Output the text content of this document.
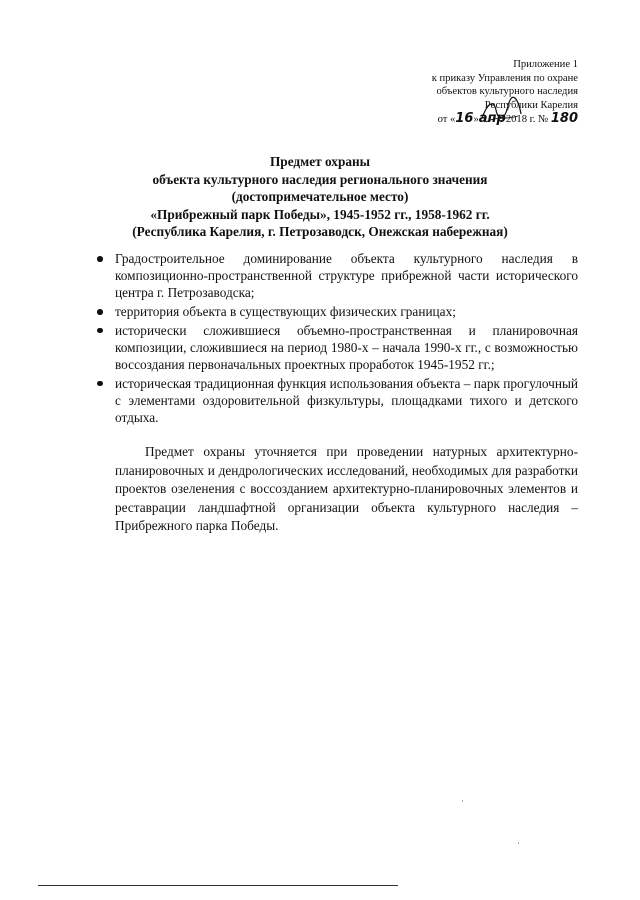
Приложение 1
к приказу Управления по охране
объектов культурного наследия
Республики Карелия
от «16»апр2018 г. № 180
Предмет охраны
объекта культурного наследия регионального значения
(достопримечательное место)
«Прибрежный парк Победы», 1945-1952 гг., 1958-1962 гг.
(Республика Карелия, г. Петрозаводск, Онежская набережная)
Градостроительное доминирование объекта культурного наследия в композиционно-пространственной структуре прибрежной части исторического центра г. Петрозаводска;
территория объекта в существующих физических границах;
исторически сложившиеся объемно-пространственная и планировочная композиции, сложившиеся на период 1980-х – начала 1990-х гг., с возможностью воссоздания первоначальных проектных проработок 1945-1952 гг.;
историческая традиционная функция использования объекта – парк прогулочный с элементами оздоровительной физкультуры, площадками тихого и детского отдыха.

Предмет охраны уточняется при проведении натурных архитектурно-планировочных и дендрологических исследований, необходимых для разработки проектов озеленения с воссозданием архитектурно-планировочных элементов и реставрации ландшафтной организации объекта культурного наследия – Прибрежного парка Победы.
